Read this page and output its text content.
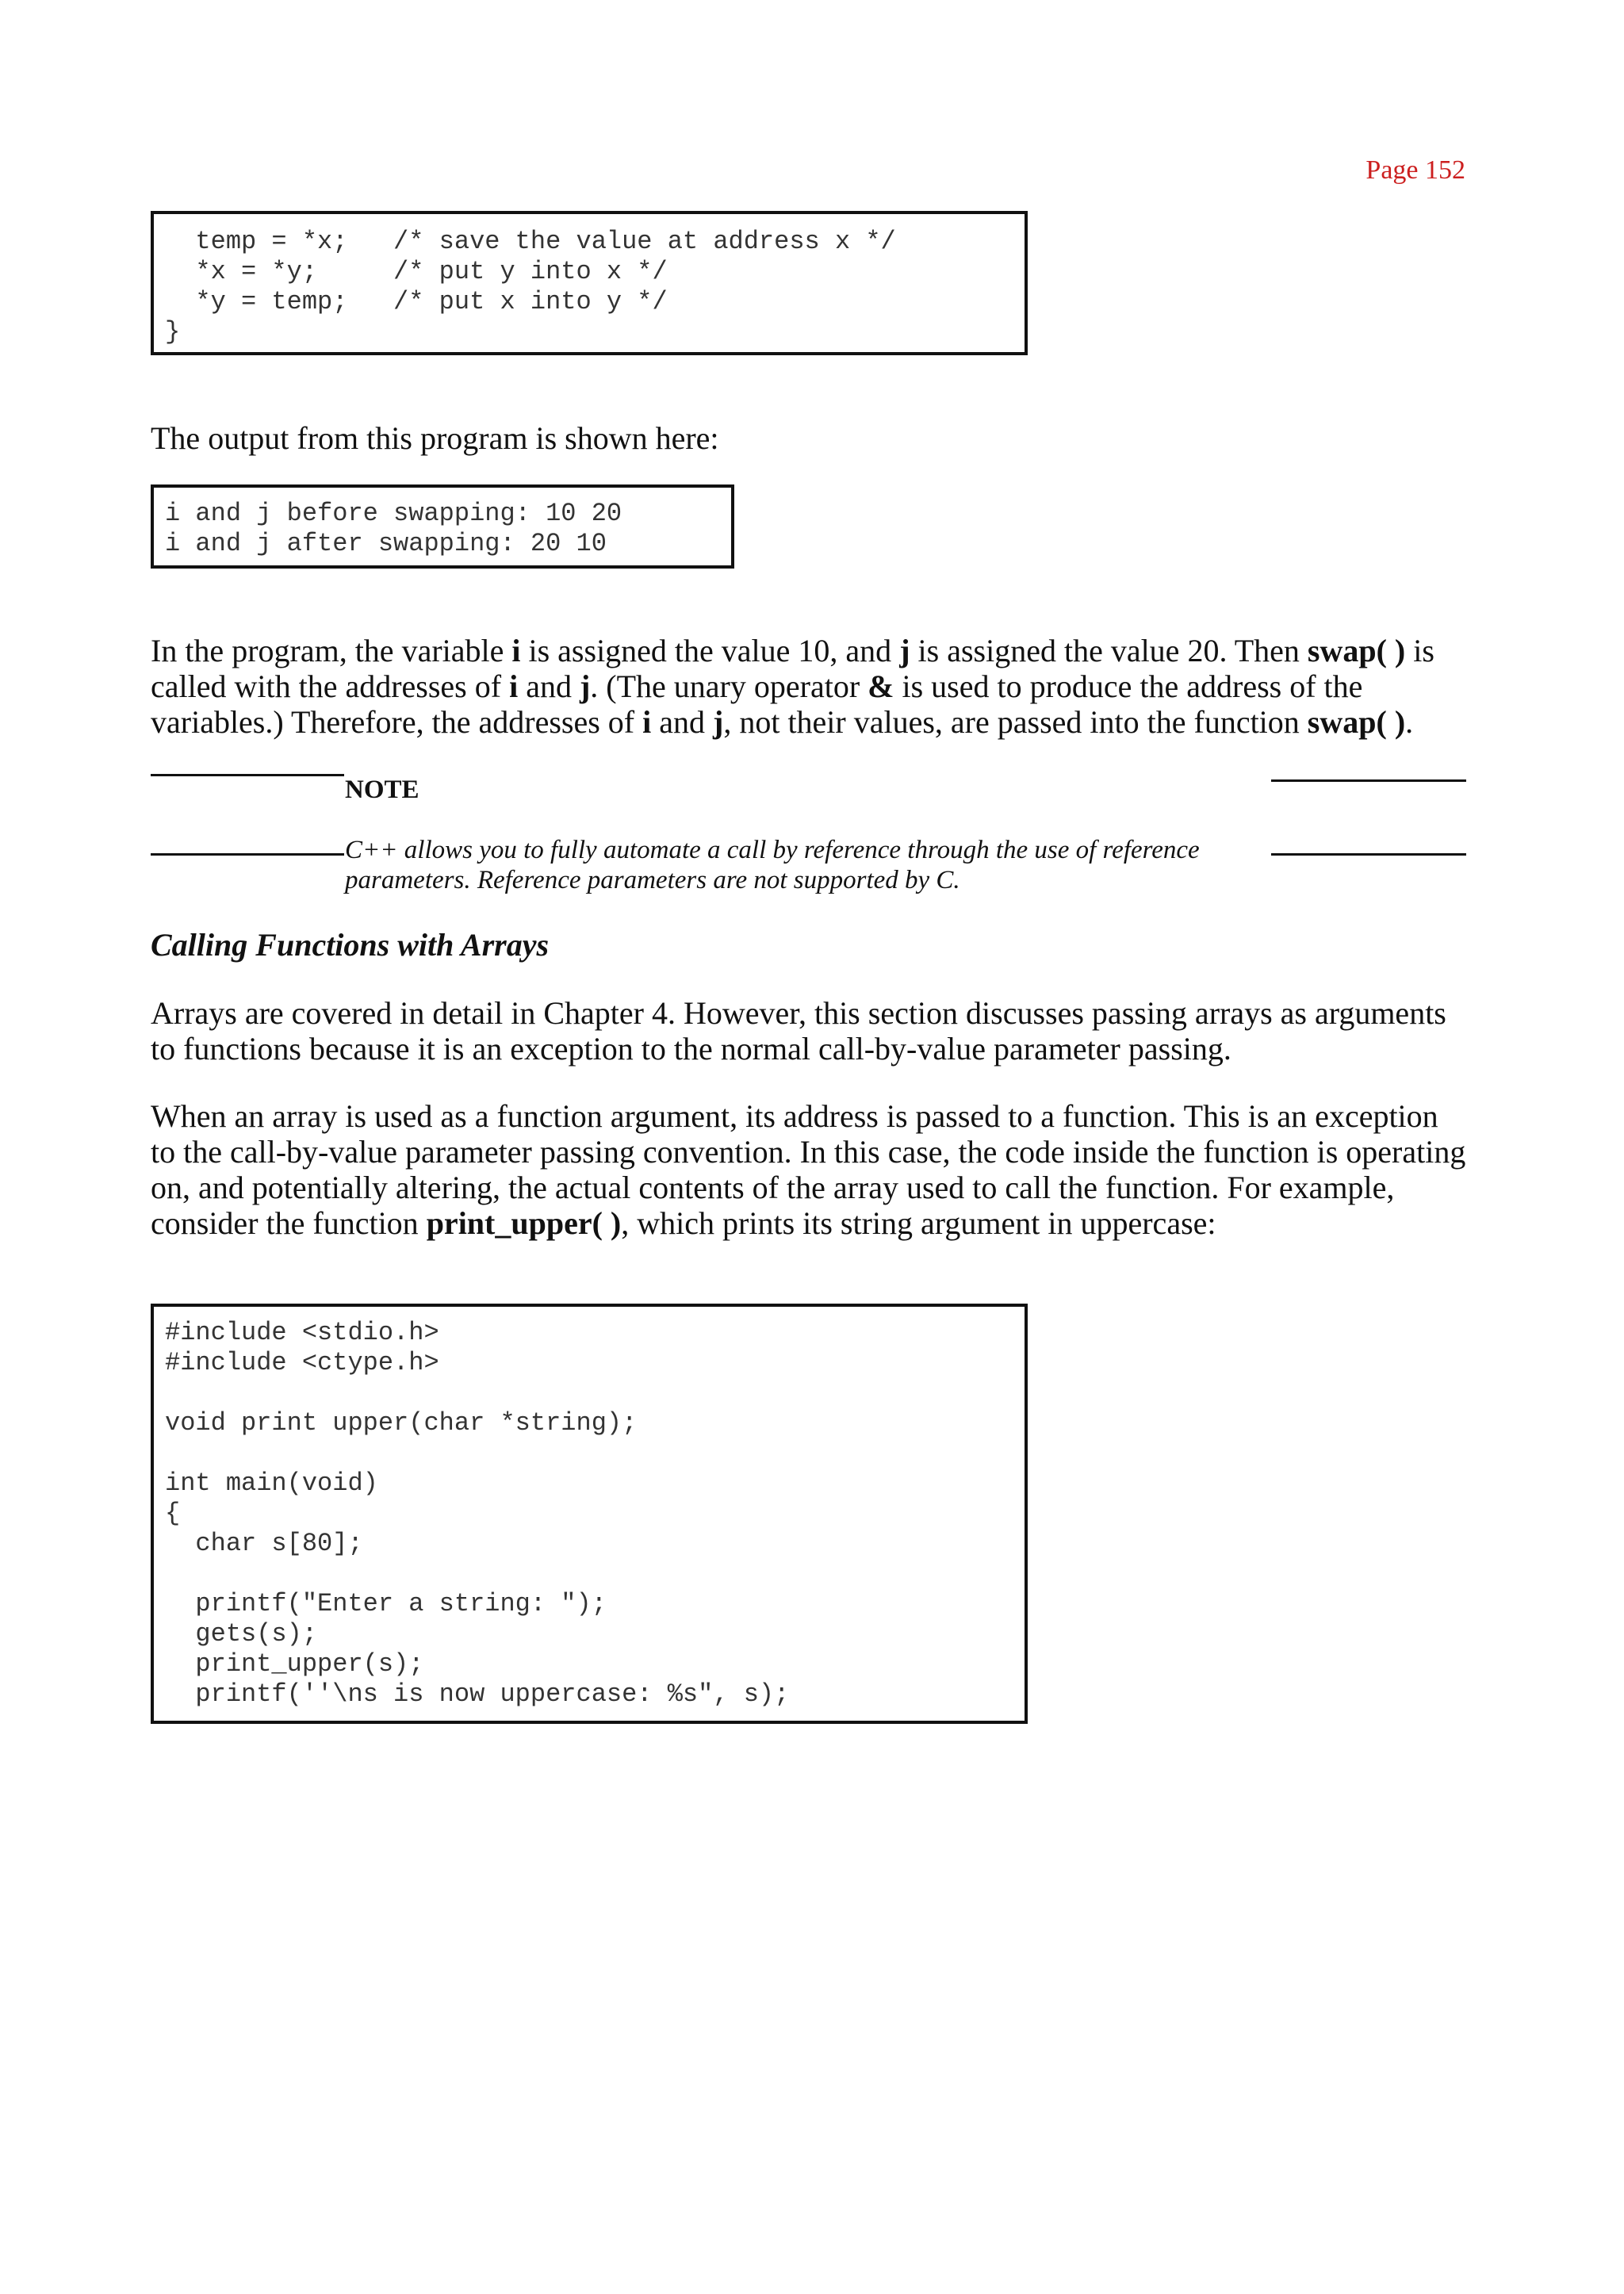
Page 152
temp = *x;   /* save the value at address x */
*x = *y;     /* put y into x */
*y = temp;   /* put x into y */
}

The output from this program is shown here:

i and j before swapping: 10 20
i and j after swapping: 20 10

In the program, the variable i is assigned the value 10, and j is assigned the value 20. Then swap( ) is called with the addresses of i and j. (The unary operator & is used to produce the address of the variables.) Therefore, the addresses of i and j, not their values, are passed into the function swap( ).

NOTE

C++ allows you to fully automate a call by reference through the use of reference parameters. Reference parameters are not supported by C.

Calling Functions with Arrays

Arrays are covered in detail in Chapter 4. However, this section discusses passing arrays as arguments to functions because it is an exception to the normal call-by-value parameter passing.

When an array is used as a function argument, its address is passed to a function. This is an exception to the call-by-value parameter passing convention. In this case, the code inside the function is operating on, and potentially altering, the actual contents of the array used to call the function. For example, consider the function print_upper( ), which prints its string argument in uppercase:

#include <stdio.h>
#include <ctype.h>

void print upper(char *string);

int main(void)
{
char s[80];

printf("Enter a string: ");
gets(s);
print_upper(s);
printf(''\ns is now uppercase: %s", s);
